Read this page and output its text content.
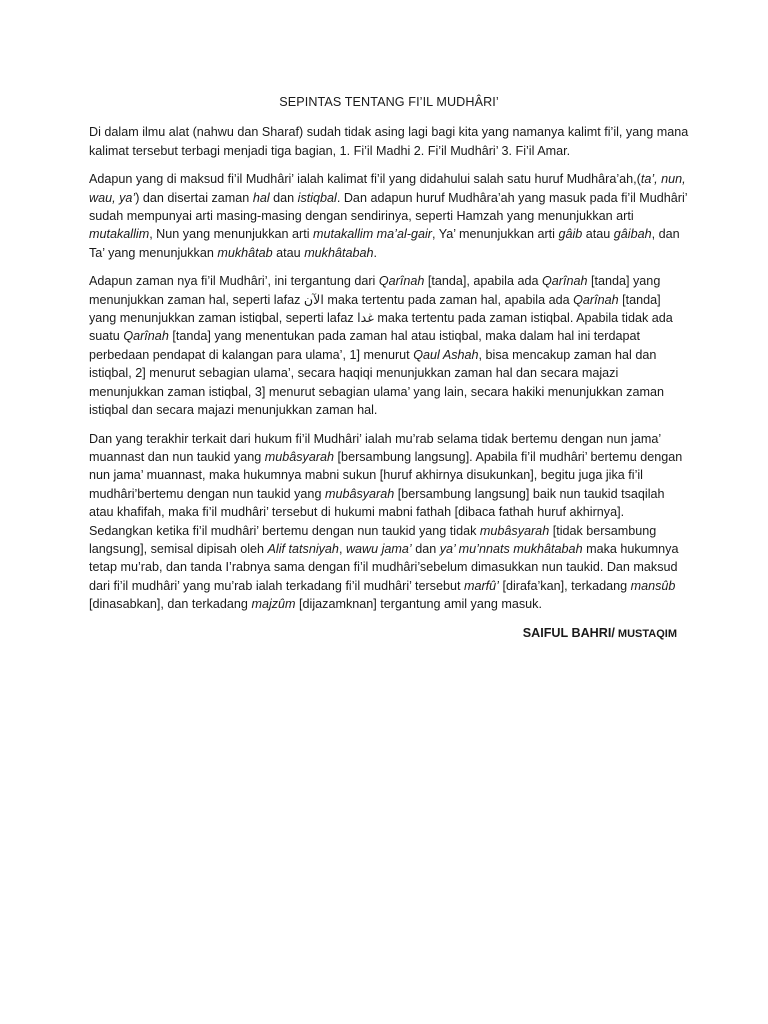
SEPINTAS TENTANG FI’IL MUDHÂRI’

Di dalam ilmu alat (nahwu dan Sharaf) sudah tidak asing lagi bagi kita yang namanya kalimt fi’il, yang mana kalimat tersebut terbagi menjadi tiga bagian, 1. Fi’il Madhi 2. Fi’il Mudhâri’ 3. Fi’il Amar.

Adapun yang di maksud fi’il Mudhâri’ ialah kalimat fi’il yang didahului salah satu huruf Mudhâra’ah,(ta’, nun, wau, ya’) dan disertai zaman hal dan istiqbal. Dan adapun huruf Mudhâra’ah yang masuk pada fi’il Mudhâri’ sudah mempunyai arti masing-masing dengan sendirinya, seperti Hamzah yang menunjukkan arti mutakallim, Nun yang menunjukkan arti mutakallim ma’al-gair, Ya’ menunjukkan arti gâib atau gâibah, dan Ta’ yang menunjukkan mukhâtab atau mukhâtabah.

Adapun zaman nya fi’il Mudhâri’, ini tergantung dari Qarînah [tanda], apabila ada Qarînah [tanda] yang menunjukkan zaman hal, seperti lafaz الآن maka tertentu pada zaman hal, apabila ada Qarînah [tanda] yang menunjukkan zaman istiqbal, seperti lafaz غدا maka tertentu pada zaman istiqbal. Apabila tidak ada suatu Qarînah [tanda] yang menentukan pada zaman hal atau istiqbal, maka dalam hal ini terdapat perbedaan pendapat di kalangan para ulama’, 1] menurut Qaul Ashah, bisa mencakup zaman hal dan istiqbal, 2] menurut sebagian ulama’, secara haqiqi menunjukkan zaman hal dan secara majazi menunjukkan zaman istiqbal, 3] menurut sebagian ulama’ yang lain, secara hakiki menunjukkan zaman istiqbal dan secara majazi menunjukkan zaman hal.

Dan yang terakhir terkait dari hukum fi’il Mudhâri’ ialah mu’rab selama tidak bertemu dengan nun jama’ muannast dan nun taukid yang mubâsyarah [bersambung langsung]. Apabila fi’il mudhâri’ bertemu dengan nun jama’ muannast, maka hukumnya mabni sukun [huruf akhirnya disukunkan], begitu juga jika fi’il mudhâri’bertemu dengan nun taukid yang mubâsyarah [bersambung langsung] baik nun taukid tsaqilah atau khafifah, maka fi’il mudhâri’ tersebut di hukumi mabni fathah [dibaca fathah huruf akhirnya]. Sedangkan ketika fi’il mudhâri’ bertemu dengan nun taukid yang tidak mubâsyarah [tidak bersambung langsung], semisal dipisah oleh Alif tatsniyah, wawu jama’ dan ya’ mu’nnats mukhâtabah maka hukumnya tetap mu’rab, dan tanda I’rabnya sama dengan fi’il mudhâri’sebelum dimasukkan nun taukid. Dan maksud dari fi’il mudhâri’ yang mu’rab ialah terkadang fi’il mudhâri’ tersebut marfû’ [dirafa’kan], terkadang mansûb [dinasabkan], dan terkadang majzûm [dijazamknan] tergantung amil yang masuk.

SAIFUL BAHRI/ MUSTAQIM
